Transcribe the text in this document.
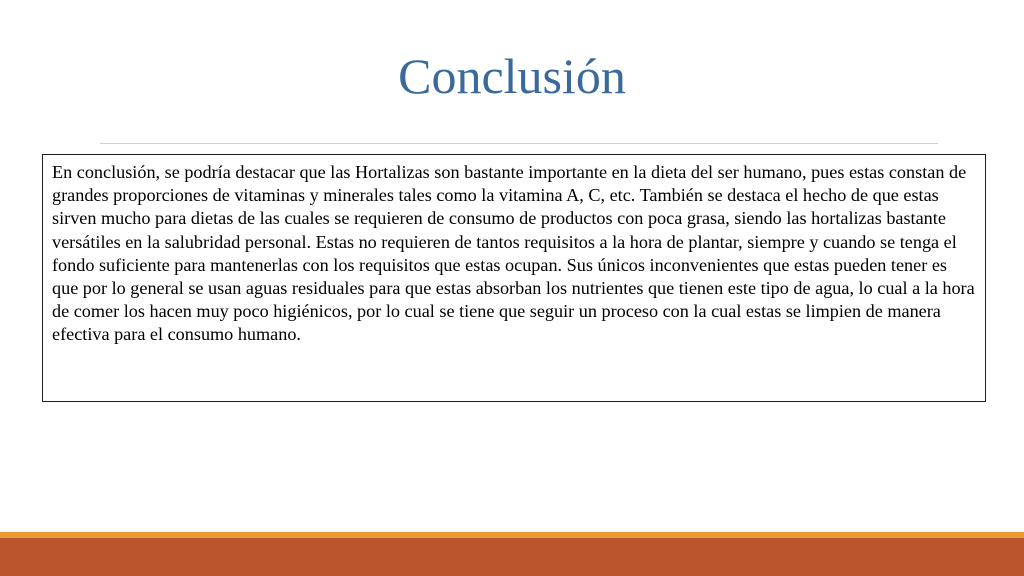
Conclusión

En conclusión, se podría destacar que las Hortalizas son bastante importante en la dieta del ser humano, pues estas constan de grandes proporciones de vitaminas y minerales tales como la vitamina A, C, etc. También se destaca el hecho de que estas sirven mucho para dietas de las cuales se requieren de consumo de productos con poca grasa, siendo las hortalizas bastante versátiles en la salubridad personal. Estas no requieren de tantos requisitos a la hora de plantar, siempre y cuando se tenga el fondo suficiente para mantenerlas con los requisitos que estas ocupan. Sus únicos inconvenientes que estas pueden tener es que por lo general se usan aguas residuales para que estas absorban los nutrientes que tienen este tipo de agua, lo cual a la hora de comer los hacen muy poco higiénicos, por lo cual se tiene que seguir un proceso con la cual estas se limpien de manera efectiva para el consumo humano.
